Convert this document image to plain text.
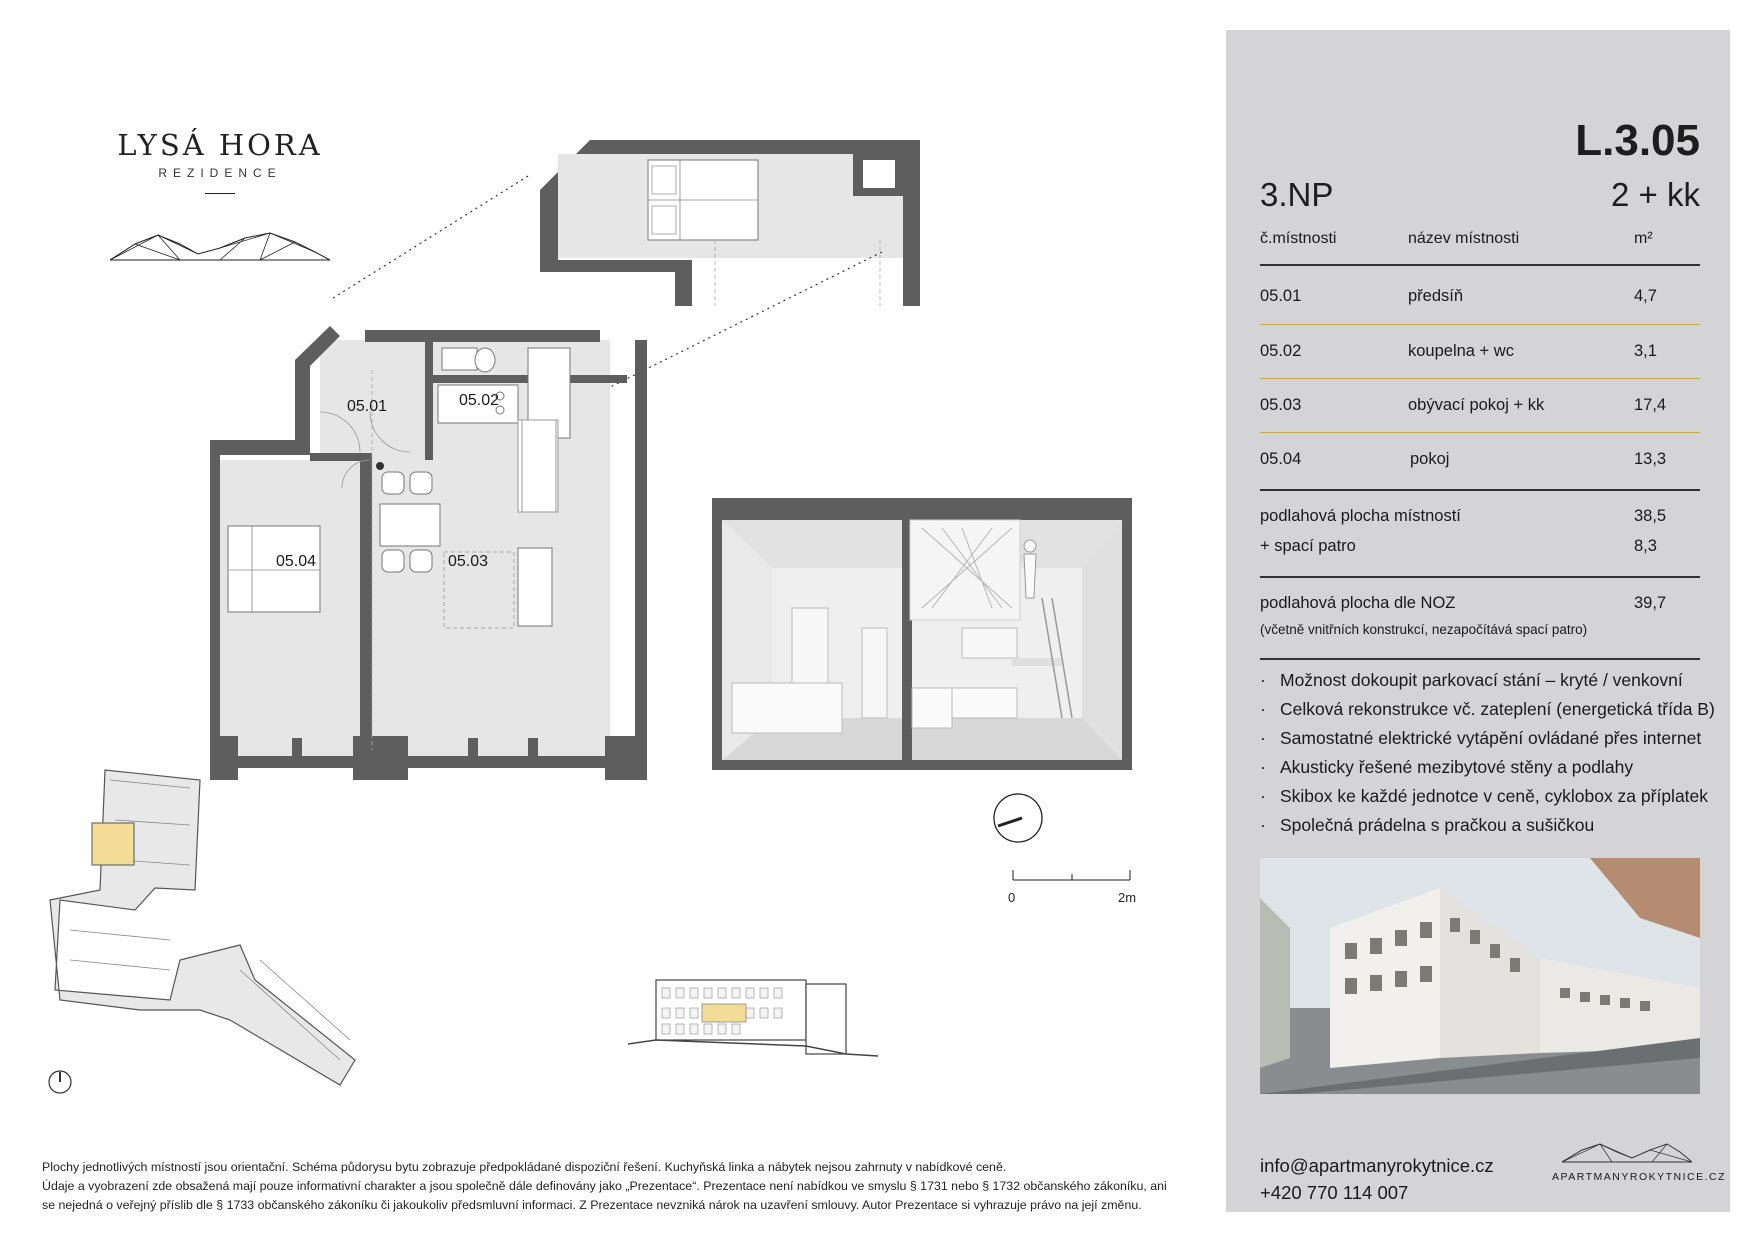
LYSÁ HORA
REZIDENCE
05.01	05.02
05.03
05.04
0	2m

Plochy jednotlivých místností jsou orientační. Schéma půdorysu bytu zobrazuje předpokládané dispoziční řešení. Kuchyňská linka a nábytek nejsou zahrnuty v nabídkové ceně.

Údaje a vyobrazení zde obsažená mají pouze informativní charakter a jsou společně dále definovány jako „Prezentace“. Prezentace není nabídkou ve smyslu § 1731 nebo § 1732 občanského zákoníku, ani

se nejedná o veřejný příslib dle § 1733 občanského zákoníku či jakoukoliv předsmluvní informaci. Z Prezentace nevzniká nárok na uzavření smlouvy. Autor Prezentace si vyhrazuje právo na její změnu.

L.3.05
3.NP	2 + kk
č.místnosti	název místnosti	m²
05.01	předsíň	4,7
05.02	koupelna + wc	3,1
05.03	obývací pokoj + kk	17,4
05.04	pokoj	13,3
podlahová plocha místností	38,5
+ spací patro	8,3
podlahová plocha dle NOZ	39,7
(včetně vnitřních konstrukcí, nezapočítává spací patro)
· Možnost dokoupit parkovací stání – kryté / venkovní
· Celková rekonstrukce vč. zateplení (energetická třída B)
· Samostatné elektrické vytápění ovládané přes internet
· Akusticky řešené mezibytové stěny a podlahy
· Skibox ke každé jednotce v ceně, cyklobox za příplatek
· Společná prádelna s pračkou a sušičkou
info@apartmanyrokytnice.cz
+420 770 114 007
APARTMANYROKYTNICE.CZ
